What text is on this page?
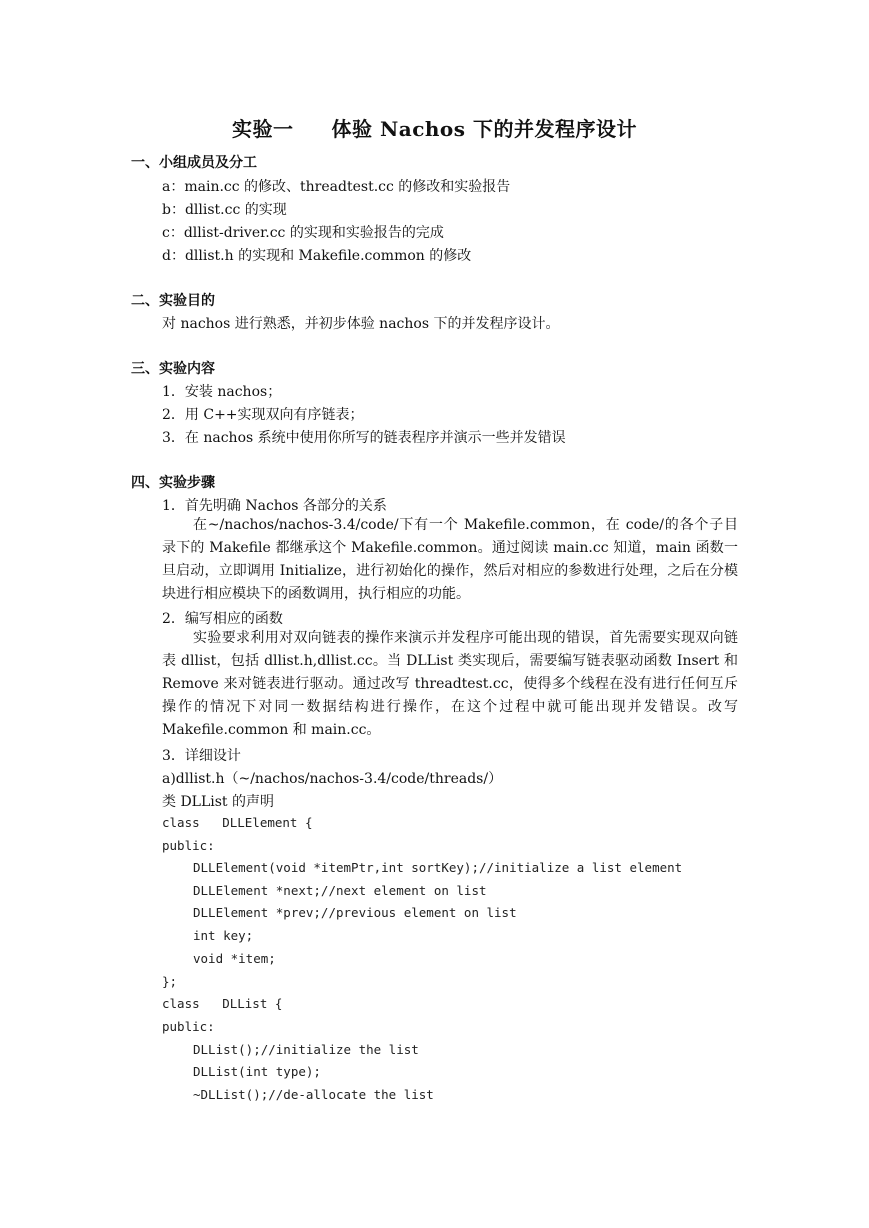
实验一 体验 Nachos 下的并发程序设计
一、小组成员及分工
a：main.cc 的修改、threadtest.cc 的修改和实验报告
b：dllist.cc 的实现
c：dllist-driver.cc 的实现和实验报告的完成
d：dllist.h 的实现和 Makefile.common 的修改
二、实验目的
对 nachos 进行熟悉，并初步体验 nachos 下的并发程序设计。
三、实验内容
1．安装 nachos；
2．用 C++实现双向有序链表；
3．在 nachos 系统中使用你所写的链表程序并演示一些并发错误
四、实验步骤
1．首先明确 Nachos 各部分的关系

在~/nachos/nachos-3.4/code/下有一个 Makefile.common，在 code/的各个子目录下的 Makefile 都继承这个 Makefile.common。通过阅读 main.cc 知道，main 函数一旦启动，立即调用 Initialize，进行初始化的操作，然后对相应的参数进行处理，之后在分模块进行相应模块下的函数调用，执行相应的功能。

2．编写相应的函数

实验要求利用对双向链表的操作来演示并发程序可能出现的错误，首先需要实现双向链表 dllist，包括 dllist.h,dllist.cc。当 DLList 类实现后，需要编写链表驱动函数 Insert 和 Remove 来对链表进行驱动。通过改写 threadtest.cc，使得多个线程在没有进行任何互斥操作的情况下对同一数据结构进行操作，在这个过程中就可能出现并发错误。改写 Makefile.common 和 main.cc。

3．详细设计
a)dllist.h（~/nachos/nachos-3.4/code/threads/）
类 DLList 的声明
class   DLLElement {
public:
DLLElement(void *itemPtr,int sortKey);//initialize a list element
DLLElement *next;//next element on list
DLLElement *prev;//previous element on list
int key;
void *item;
};
class   DLList {
public:
DLList();//initialize the list
DLList(int type);
~DLList();//de-allocate the list
